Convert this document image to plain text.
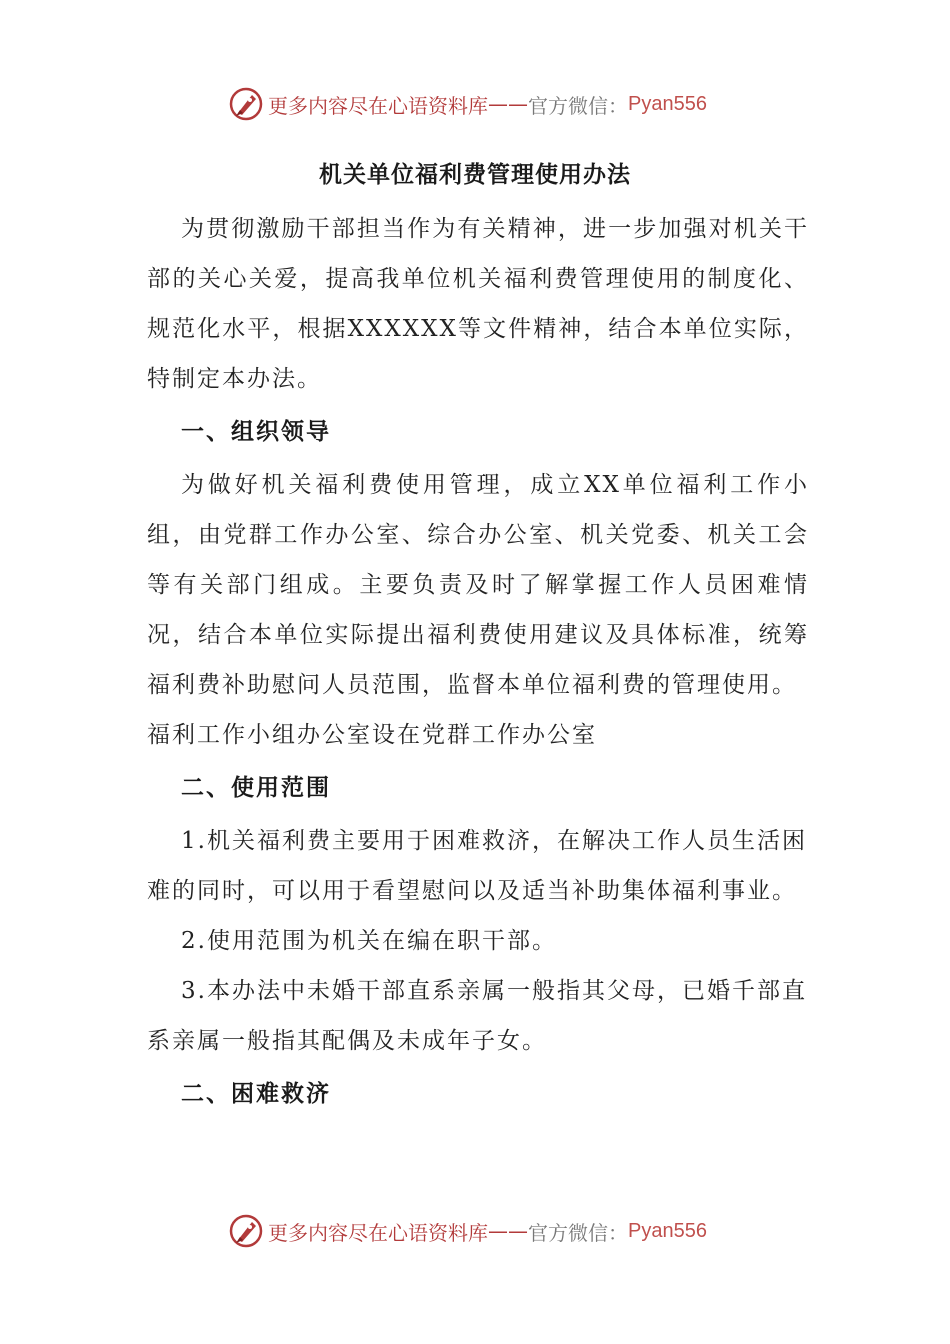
更多内容尽在心语资料库 —— 官方微信： Pyan556
机关单位福利费管理使用办法

为贯彻激励干部担当作为有关精神，进一步加强对机关干部的关心关爱，提高我单位机关福利费管理使用的制度化、规范化水平，根据XXXXXX等文件精神，结合本单位实际，特制定本办法。

一、组织领导

为做好机关福利费使用管理，成立XX单位福利工作小组，由党群工作办公室、综合办公室、机关党委、机关工会等有关部门组成。主要负责及时了解掌握工作人员困难情况，结合本单位实际提出福利费使用建议及具体标准，统筹福利费补助慰问人员范围，监督本单位福利费的管理使用。

福利工作小组办公室设在党群工作办公室

二、使用范围

1.机关福利费主要用于困难救济，在解决工作人员生活困难的同时，可以用于看望慰问以及适当补助集体福利事业。

2.使用范围为机关在编在职干部。

3.本办法中未婚干部直系亲属一般指其父母，已婚千部直系亲属一般指其配偶及未成年子女。

二、困难救济

更多内容尽在心语资料库 —— 官方微信： Pyan556
